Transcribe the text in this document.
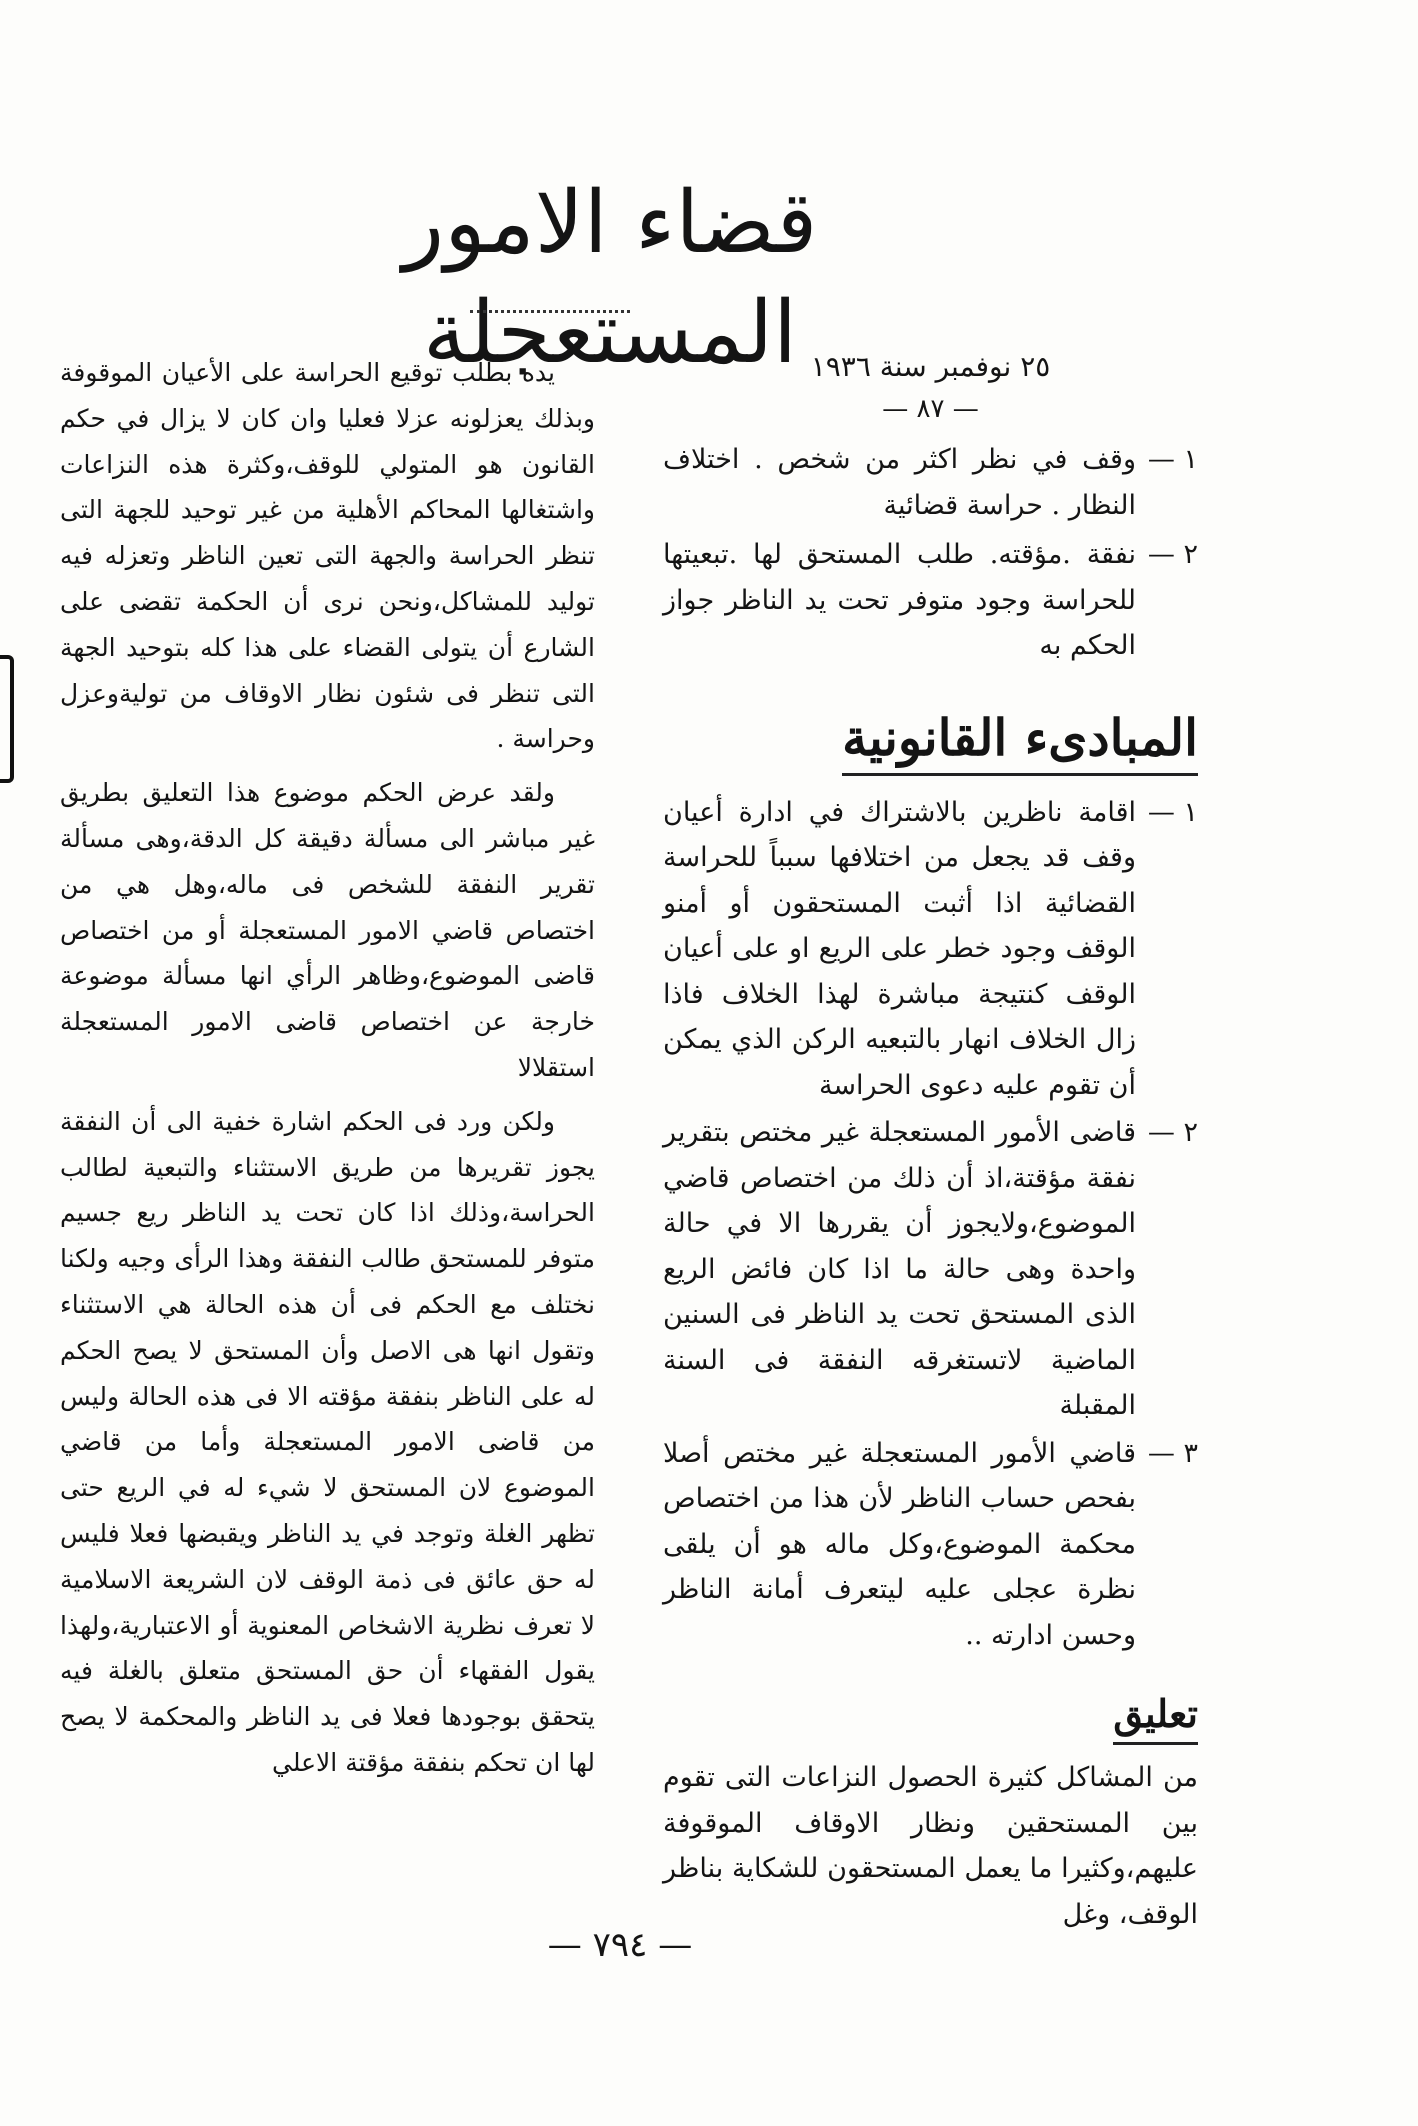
قضاء الامور المستعجلة ٢٥ نوفمبر سنة ١٩٣٦

— ٨٧ —

١ —
وقف في نظر اكثر من شخص . اختلاف النظار . حراسة قضائية
٢ —
نفقة .مؤقته. طلب المستحق لها .تبعيتها للحراسة وجود متوفر تحت يد الناظر جواز الحكم به
المبادىء القانونية
١ —
اقامة ناظرين بالاشتراك في ادارة أعيان وقف قد يجعل من اختلافها سبباً للحراسة القضائية اذا أثبت المستحقون أو أمنو الوقف وجود خطر على الريع او على أعيان الوقف كنتيجة مباشرة لهذا الخلاف فاذا زال الخلاف انهار بالتبعيه الركن الذي يمكن أن تقوم عليه دعوى الحراسة
٢ —
قاضى الأمور المستعجلة غير مختص بتقرير نفقة مؤقتة،اذ أن ذلك من اختصاص قاضي الموضوع،ولايجوز أن يقررها الا في حالة واحدة وهى حالة ما اذا كان فائض الريع الذى المستحق تحت يد الناظر فى السنين الماضية لاتستغرقه النفقة فى السنة المقبلة
٣ —
قاضي الأمور المستعجلة غير مختص أصلا بفحص حساب الناظر لأن هذا من اختصاص محكمة الموضوع،وكل ماله هو أن يلقى نظرة عجلى عليه ليتعرف أمانة الناظر وحسن ادارته ..
تعليق

من المشاكل كثيرة الحصول النزاعات التى تقوم بين المستحقين ونظار الاوقاف الموقوفة عليهم،وكثيرا ما يعمل المستحقون للشكاية بناظر الوقف، وغل

يده بطلب توقيع الحراسة على الأعيان الموقوفة وبذلك يعزلونه عزلا فعليا وان كان لا يزال في حكم القانون هو المتولي للوقف،وكثرة هذه النزاعات واشتغالها المحاكم الأهلية من غير توحيد للجهة التى تنظر الحراسة والجهة التى تعين الناظر وتعزله فيه توليد للمشاكل،ونحن نرى أن الحكمة تقضى على الشارع أن يتولى القضاء على هذا كله بتوحيد الجهة التى تنظر فى شئون نظار الاوقاف من توليةوعزل وحراسة .

ولقد عرض الحكم موضوع هذا التعليق بطريق غير مباشر الى مسألة دقيقة كل الدقة،وهى مسألة تقرير النفقة للشخص فى ماله،وهل هي من اختصاص قاضي الامور المستعجلة أو من اختصاص قاضى الموضوع،وظاهر الرأي انها مسألة موضوعة خارجة عن اختصاص قاضى الامور المستعجلة استقلالا

ولكن ورد فى الحكم اشارة خفية الى أن النفقة يجوز تقريرها من طريق الاستثناء والتبعية لطالب الحراسة،وذلك اذا كان تحت يد الناظر ريع جسيم متوفر للمستحق طالب النفقة وهذا الرأى وجيه ولكنا نختلف مع الحكم فى أن هذه الحالة هي الاستثناء وتقول انها هى الاصل وأن المستحق لا يصح الحكم له على الناظر بنفقة مؤقته الا فى هذه الحالة وليس من قاضى الامور المستعجلة وأما من قاضي الموضوع لان المستحق لا شيء له في الريع حتى تظهر الغلة وتوجد في يد الناظر ويقبضها فعلا فليس له حق عائق فى ذمة الوقف لان الشريعة الاسلامية لا تعرف نظرية الاشخاص المعنوية أو الاعتبارية،ولهذا يقول الفقهاء أن حق المستحق متعلق بالغلة فيه يتحقق بوجودها فعلا فى يد الناظر والمحكمة لا يصح لها ان تحكم بنفقة مؤقتة الاعلي

— ٧٩٤ —
